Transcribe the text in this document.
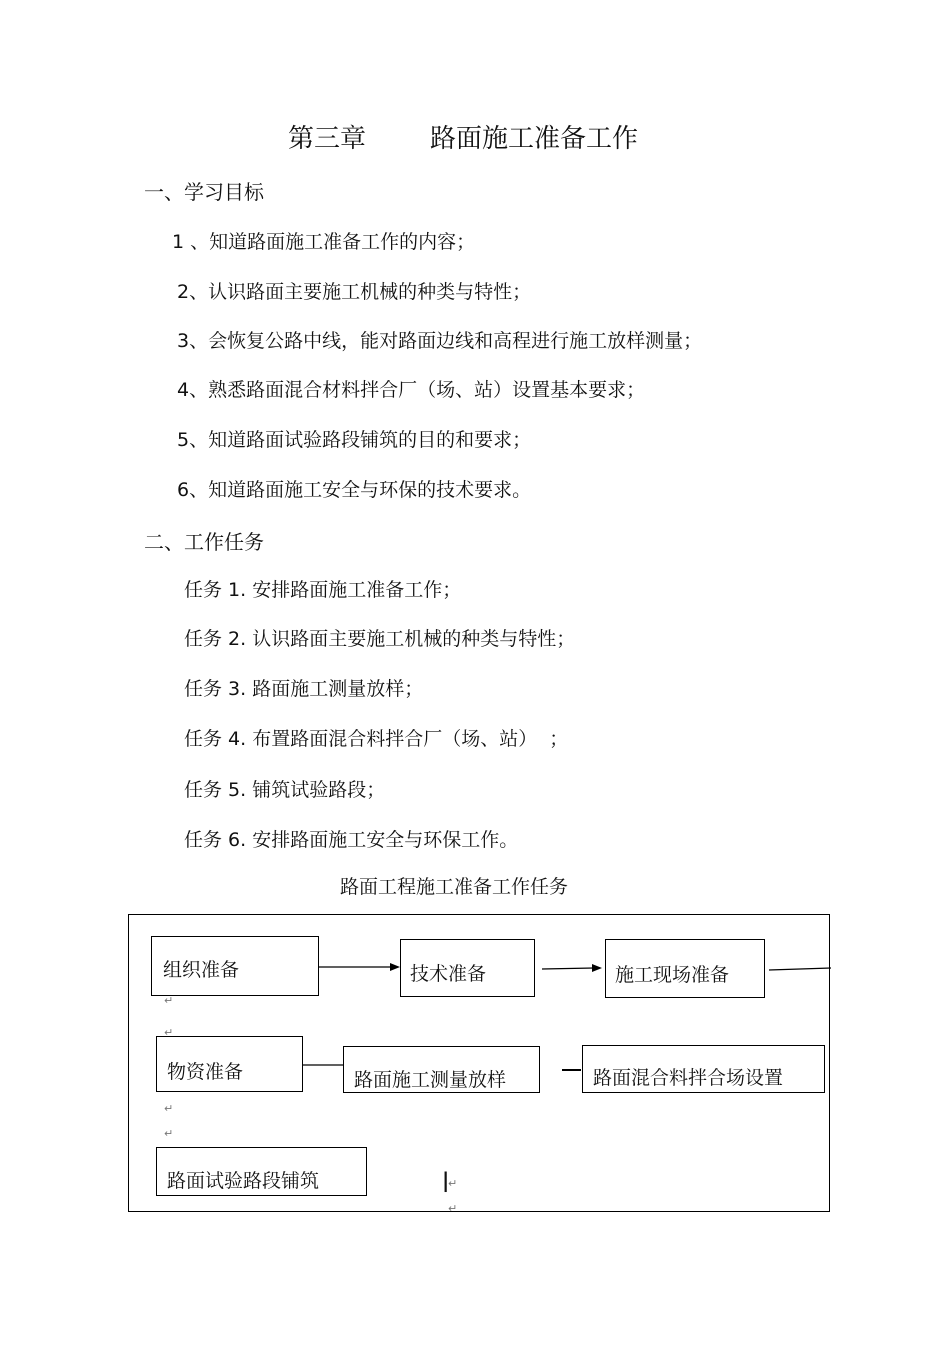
第三章 路面施工准备工作
一、学习目标
1 、知道路面施工准备工作的内容；
2、认识路面主要施工机械的种类与特性；
3、会恢复公路中线，能对路面边线和高程进行施工放样测量；
4、熟悉路面混合材料拌合厂（场、站）设置基本要求；
5、知道路面试验路段铺筑的目的和要求；
6、知道路面施工安全与环保的技术要求。
二、工作任务
任务 1. 安排路面施工准备工作；
任务 2. 认识路面主要施工机械的种类与特性；
任务 3. 路面施工测量放样；
任务 4. 布置路面混合料拌合厂（场、站）  ；
任务 5. 铺筑试验路段；
任务 6. 安排路面施工安全与环保工作。
路面工程施工准备工作任务
组织准备	技术准备	施工现场准备
物资准备	路面施工测量放样	路面混合料拌合场设置
路面试验路段铺筑
↵
↵
↵
↵
↵
↵
|
